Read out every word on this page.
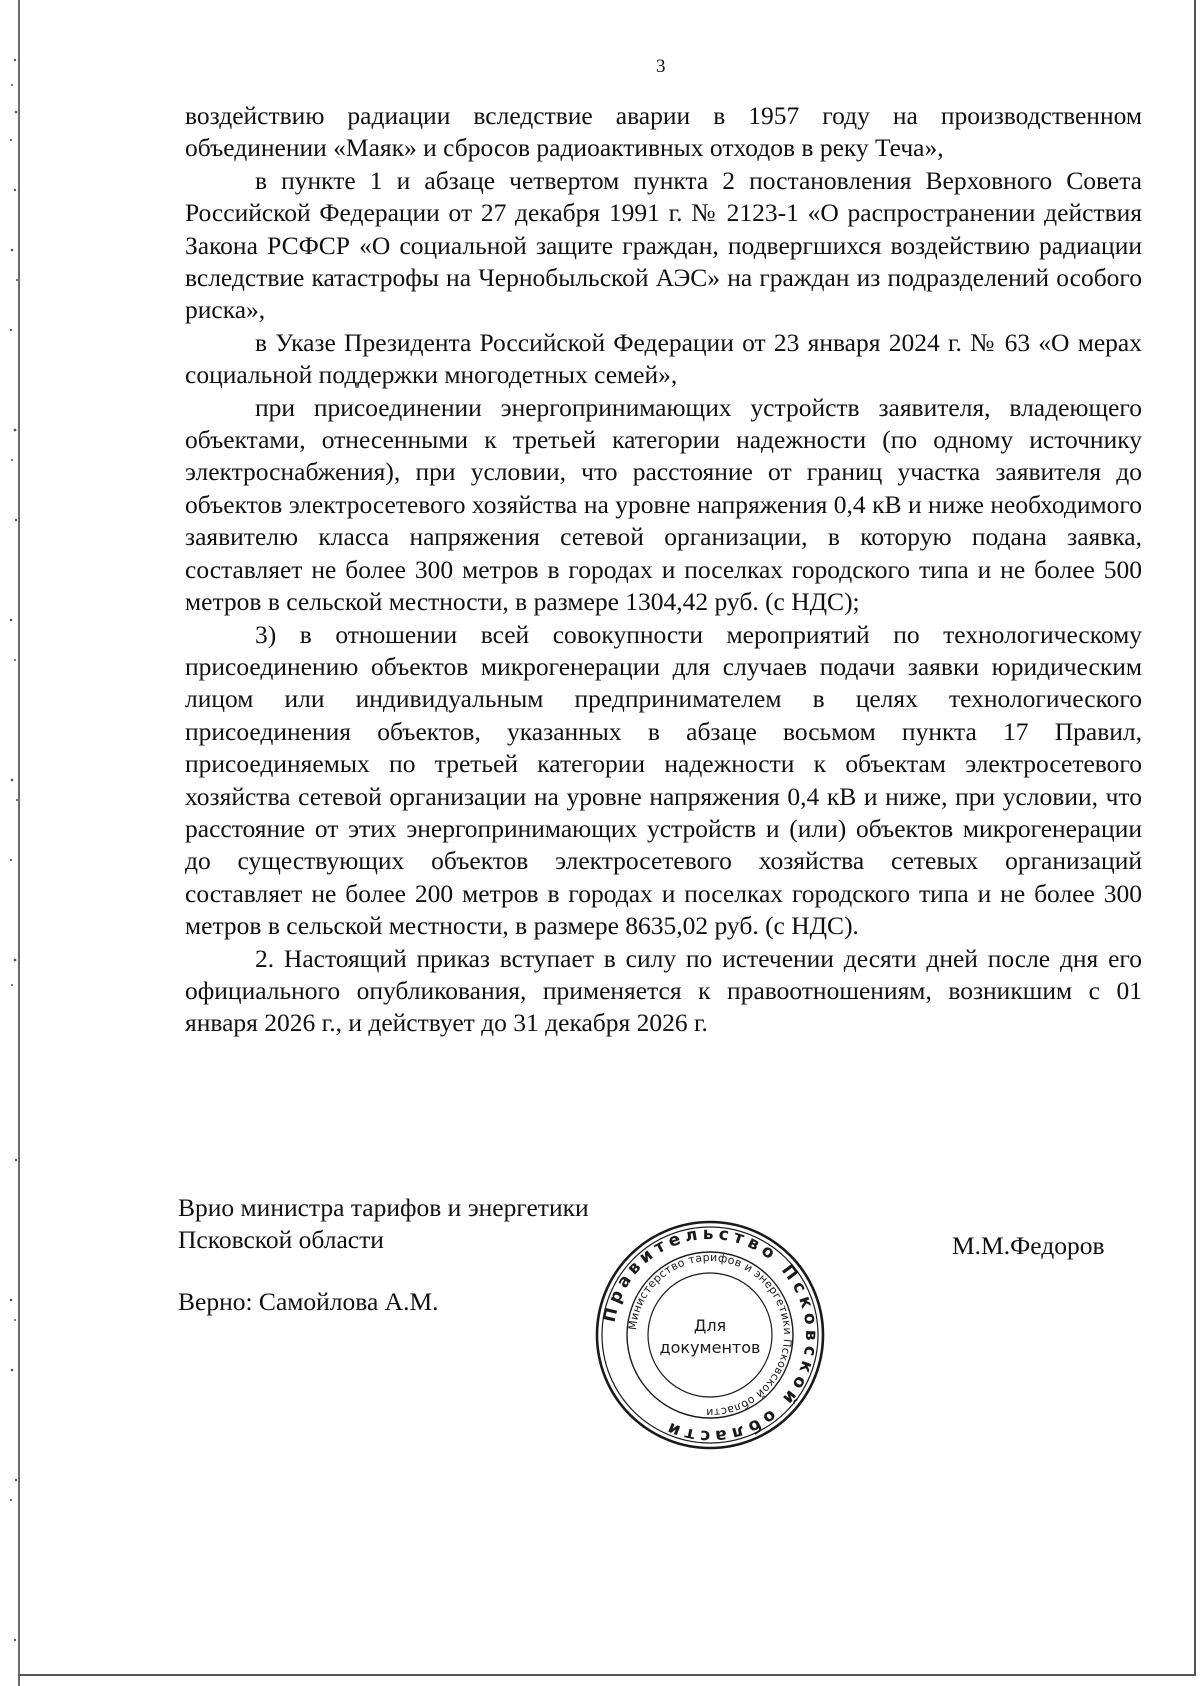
3

воздействию радиации вследствие аварии в 1957 году на производственном объединении «Маяк» и сбросов радиоактивных отходов в реку Теча»,

в пункте 1 и абзаце четвертом пункта 2 постановления Верховного Совета Российской Федерации от 27 декабря 1991 г. № 2123-1 «О распространении действия Закона РСФСР «О социальной защите граждан, подвергшихся воздействию радиации вследствие катастрофы на Чернобыльской АЭС» на граждан из подразделений особого риска»,

в Указе Президента Российской Федерации от 23 января 2024 г. № 63 «О мерах социальной поддержки многодетных семей»,

при присоединении энергопринимающих устройств заявителя, владеющего объектами, отнесенными к третьей категории надежности (по одному источнику электроснабжения), при условии, что расстояние от границ участка заявителя до объектов электросетевого хозяйства на уровне напряжения 0,4 кВ и ниже необходимого заявителю класса напряжения сетевой организации, в которую подана заявка, составляет не более 300 метров в городах и поселках городского типа и не более 500 метров в сельской местности, в размере 1304,42 руб. (с НДС);

3) в отношении всей совокупности мероприятий по технологическому присоединению объектов микрогенерации для случаев подачи заявки юридическим лицом или индивидуальным предпринимателем в целях технологического присоединения объектов, указанных в абзаце восьмом пункта 17 Правил, присоединяемых по третьей категории надежности к объектам электросетевого хозяйства сетевой организации на уровне напряжения 0,4 кВ и ниже, при условии, что расстояние от этих энергопринимающих устройств и (или) объектов микрогенерации до существующих объектов электросетевого хозяйства сетевых организаций составляет не более 200 метров в городах и поселках городского типа и не более 300 метров в сельской местности, в размере 8635,02 руб. (с НДС).

2. Настоящий приказ вступает в силу по истечении десяти дней после дня его официального опубликования, применяется к правоотношениям, возникшим с 01 января 2026 г., и действует до 31 декабря 2026 г.

Врио министра тарифов и энергетики
Псковской области
Верно: Самойлова А.М.
М.М.Федоров
Правительство Псковской области
Министерство тарифов и энергетики Псковской области
Для
документов
